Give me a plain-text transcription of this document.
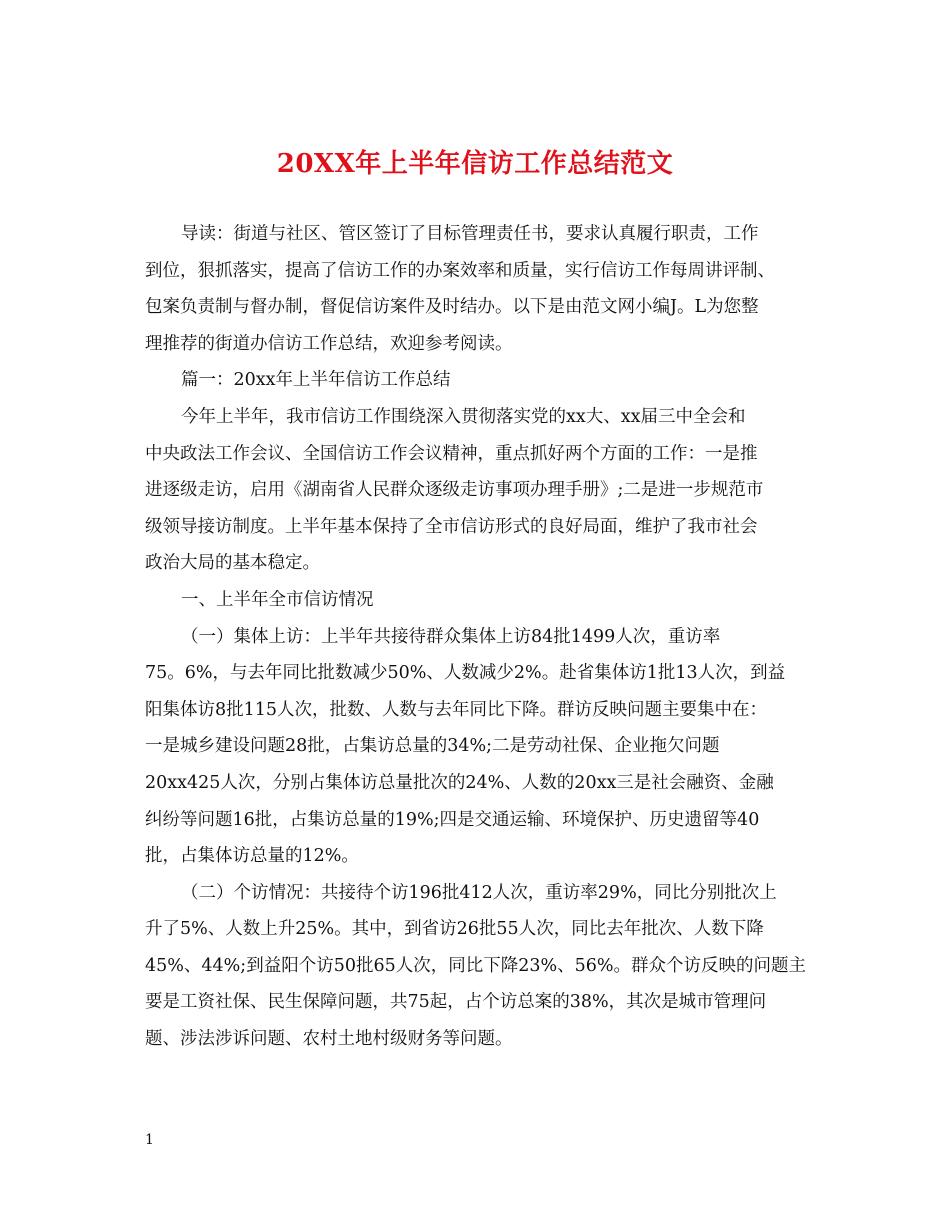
20XX年上半年信访工作总结范文
导读：街道与社区、管区签订了目标管理责任书，要求认真履行职责，工作
到位，狠抓落实，提高了信访工作的办案效率和质量，实行信访工作每周讲评制、
包案负责制与督办制，督促信访案件及时结办。以下是由范文网小编J。L为您整
理推荐的街道办信访工作总结，欢迎参考阅读。
篇一：20xx年上半年信访工作总结
今年上半年，我市信访工作围绕深入贯彻落实党的xx大、xx届三中全会和
中央政法工作会议、全国信访工作会议精神，重点抓好两个方面的工作：一是推
进逐级走访，启用《湖南省人民群众逐级走访事项办理手册》;二是进一步规范市
级领导接访制度。上半年基本保持了全市信访形式的良好局面，维护了我市社会
政治大局的基本稳定。
一、上半年全市信访情况
（一）集体上访：上半年共接待群众集体上访84批1499人次，重访率
75。6%，与去年同比批数减少50%、人数减少2%。赴省集体访1批13人次，到益
阳集体访8批115人次，批数、人数与去年同比下降。群访反映问题主要集中在：
一是城乡建设问题28批，占集访总量的34%;二是劳动社保、企业拖欠问题
20xx425人次，分别占集体访总量批次的24%、人数的20xx三是社会融资、金融
纠纷等问题16批，占集访总量的19%;四是交通运输、环境保护、历史遗留等40
批，占集体访总量的12%。
（二）个访情况：共接待个访196批412人次，重访率29%，同比分别批次上
升了5%、人数上升25%。其中，到省访26批55人次，同比去年批次、人数下降
45%、44%;到益阳个访50批65人次，同比下降23%、56%。群众个访反映的问题主
要是工资社保、民生保障问题，共75起，占个访总案的38%，其次是城市管理问
题、涉法涉诉问题、农村土地村级财务等问题。
1
